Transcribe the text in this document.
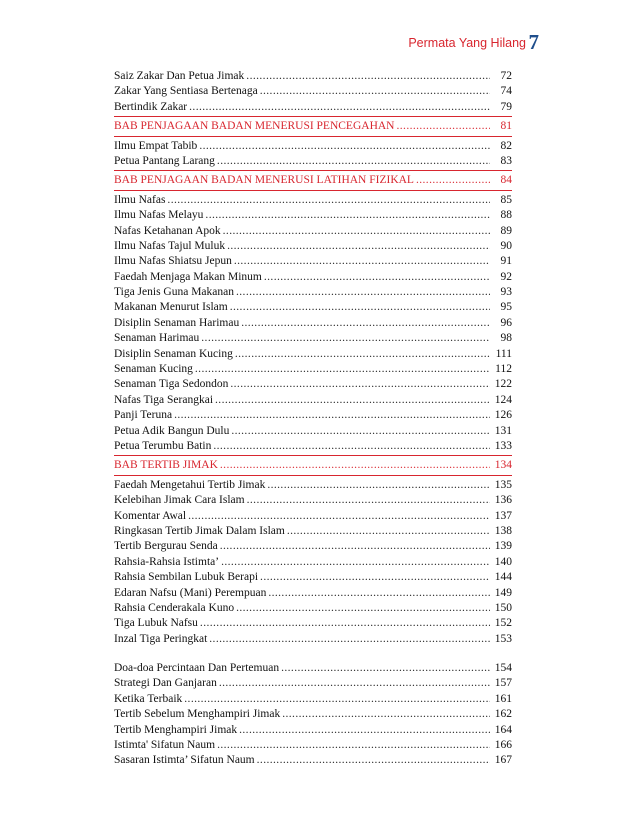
Permata Yang Hilang 7
Saiz Zakar Dan Petua Jimak .....	72
Zakar Yang Sentiasa Bertenaga .....	74
Bertindik Zakar .....	79
BAB PENJAGAAN BADAN MENERUSI PENCEGAHAN .....	81
Ilmu Empat Tabib .....	82
Petua Pantang Larang .....	83
BAB PENJAGAAN BADAN MENERUSI LATIHAN FIZIKAL .....	84
Ilmu Nafas .....	85
Ilmu Nafas Melayu .....	88
Nafas Ketahanan Apok .....	89
Ilmu Nafas Tajul Muluk .....	90
Ilmu Nafas Shiatsu Jepun .....	91
Faedah Menjaga Makan Minum .....	92
Tiga Jenis Guna Makanan .....	93
Makanan Menurut Islam .....	95
Disiplin Senaman Harimau .....	96
Senaman Harimau .....	98
Disiplin Senaman Kucing .....	111
Senaman Kucing .....	112
Senaman Tiga Sedondon .....	122
Nafas Tiga Serangkai .....	124
Panji Teruna .....	126
Petua Adik Bangun Dulu .....	131
Petua Terumbu Batin .....	133
BAB TERTIB JIMAK .....	134
Faedah Mengetahui Tertib Jimak .....	135
Kelebihan Jimak Cara Islam .....	136
Komentar Awal .....	137
Ringkasan Tertib Jimak Dalam Islam .....	138
Tertib Bergurau Senda .....	139
Rahsia-Rahsia Istimta’ .....	140
Rahsia Sembilan Lubuk Berapi .....	144
Edaran Nafsu (Mani) Perempuan .....	149
Rahsia Cenderakala Kuno .....	150
Tiga Lubuk Nafsu .....	152
Inzal Tiga Peringkat .....	153
Doa-doa Percintaan Dan Pertemuan .....	154
Strategi Dan Ganjaran .....	157
Ketika Terbaik .....	161
Tertib Sebelum Menghampiri Jimak .....	162
Tertib Menghampiri Jimak .....	164
Istimta' Sifatun Naum .....	166
Sasaran Istimta’ Sifatun Naum .....	167
